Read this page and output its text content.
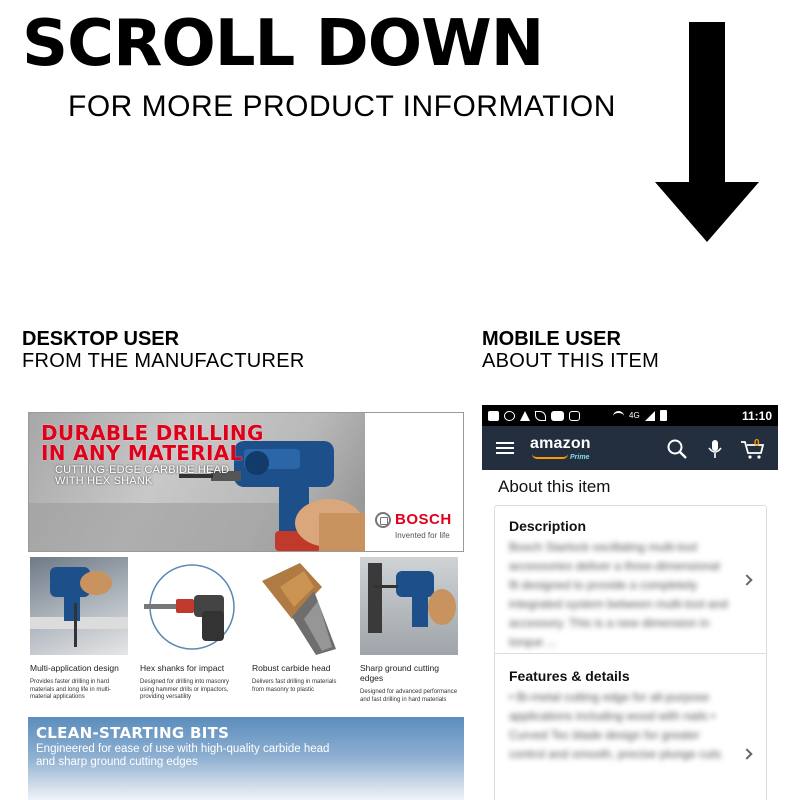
SCROLL DOWN
FOR MORE PRODUCT INFORMATION
DESKTOP USER
FROM THE MANUFACTURER
MOBILE USER
ABOUT THIS ITEM
DURABLE DRILLING
IN ANY MATERIAL
CUTTING-EDGE CARBIDE HEAD
WITH HEX SHANK
BOSCH
Invented for life
Multi-application design
Provides faster drilling in hard materials and long life in multi-material applications
Hex shanks for impact
Designed for drilling into masonry using hammer drills or impactors, providing versatility
Robust carbide head
Delivers fast drilling in materials from masonry to plastic
Sharp ground cutting edges
Designed for advanced performance and fast drilling in hard materials
CLEAN-STARTING BITS
Engineered for ease of use with high-quality carbide head and sharp ground cutting edges
4G	11:10
amazon
Prime
0
About this item
Description
Bosch Starlock oscillating multi-tool accessories deliver a three-dimensional fit designed to provide a completely integrated system between multi-tool and accessory. This is a new dimension in torque ...
Features & details
• Bi-metal cutting edge for all-purpose applications including wood with nails • Curved Tec blade design for greater control and smooth, precise plunge cuts
